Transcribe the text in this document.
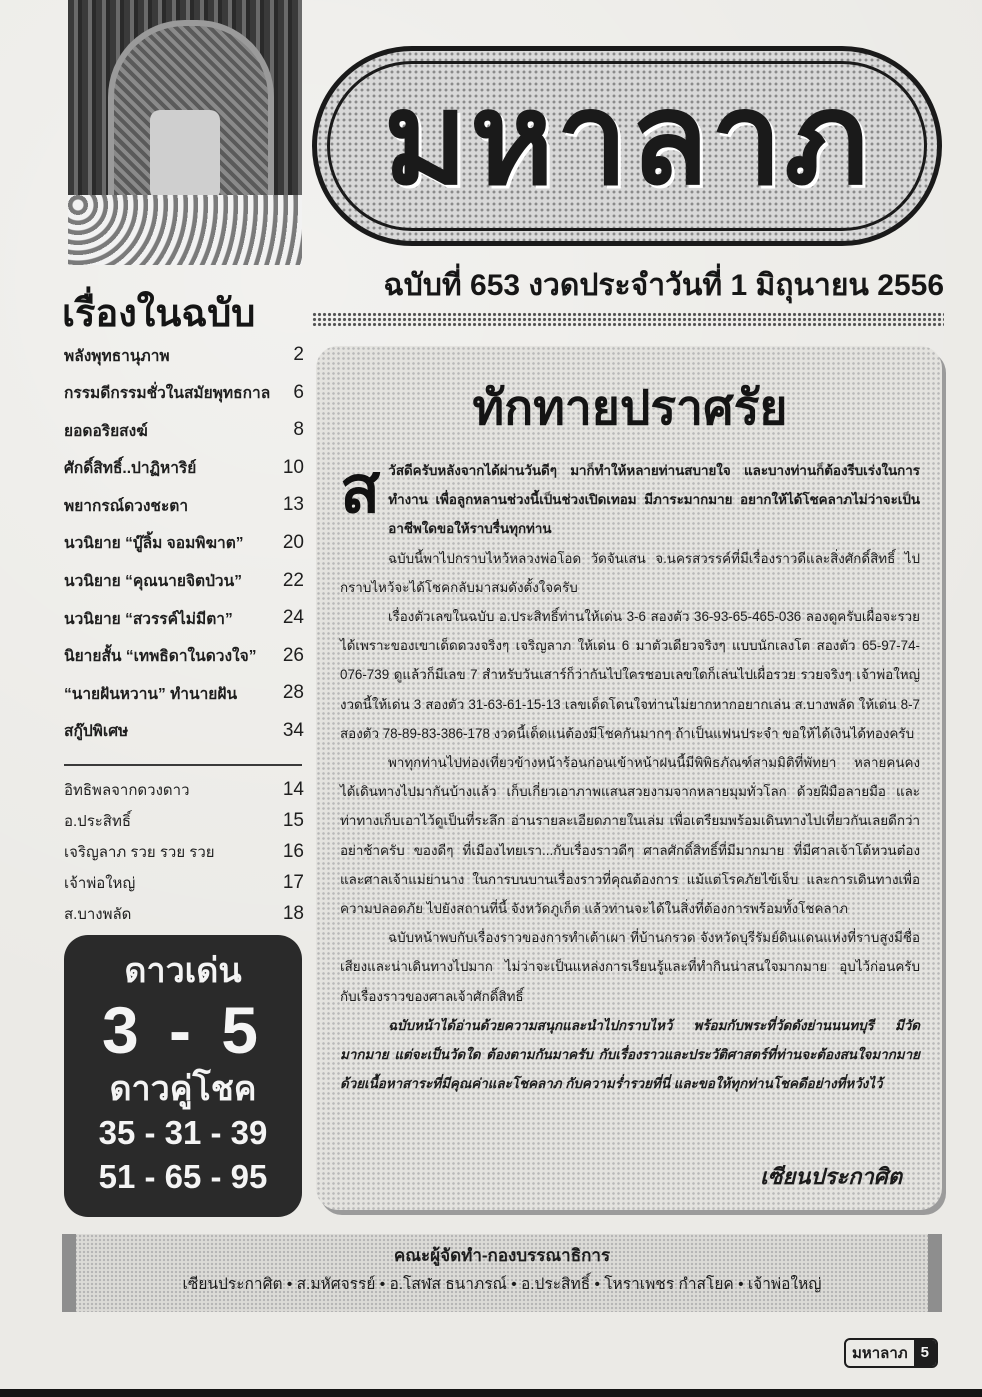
มหาลาภ
ฉบับที่ 653 งวดประจำวันที่ 1 มิถุนายน 2556
เรื่องในฉบับ
พลังพุทธานุภาพ	2
กรรมดีกรรมชั่วในสมัยพุทธกาล 6
ยอดอริยสงฆ์	8
ศักดิ์สิทธิ์..ปาฏิหาริย์	10
พยากรณ์ดวงชะตา	13
นวนิยาย “บู๊ลิ้ม จอมพิฆาต” 20
นวนิยาย “คุณนายจิตป่วน” 22
นวนิยาย “สวรรค์ไม่มีตา”	24
นิยายสั้น “เทพธิดาในดวงใจ” 26
“นายฝันหวาน” ทำนายฝัน 28
สกู๊ปพิเศษ	34
อิทธิพลจากดวงดาว	14
อ.ประสิทธิ์	15
เจริญลาภ รวย รวย รวย	16
เจ้าพ่อใหญ่	17
ส.บางพลัด	18
ดาวเด่น
3 - 5
ดาวคู่โชค
35 - 31 - 39
51 - 65 - 95
ทักทายปราศรัย

สวัสดีครับหลังจากได้ผ่านวันดีๆ มาก็ทำให้หลายท่านสบายใจ และบางท่านก็ต้องรีบเร่งในการทำงาน เพื่อลูกหลานช่วงนี้เป็นช่วงเปิดเทอม มีภาระมากมาย อยากให้ได้โชคลาภไม่ว่าจะเป็นอาชีพใดขอให้ราบรื่นทุกท่าน

ฉบับนี้พาไปกราบไหว้หลวงพ่อโอด วัดจันเสน จ.นครสวรรค์ที่มีเรื่องราวดีและสิ่งศักดิ์สิทธิ์ ไปกราบไหว้จะได้โชคกลับมาสมดังตั้งใจครับ

เรื่องตัวเลขในฉบับ อ.ประสิทธิ์ท่านให้เด่น 3-6 สองตัว 36-93-65-465-036 ลองดูครับเผื่อจะรวยได้เพราะของเขาเด็ดดวงจริงๆ เจริญลาภ ให้เด่น 6 มาตัวเดียวจริงๆ แบบนักเลงโต สองตัว 65-97-74-076-739 ดูแล้วก็มีเลข 7 สำหรับวันเสาร์ก็ว่ากันไปใครชอบเลขใดก็เล่นไปเผื่อรวย รวยจริงๆ เจ้าพ่อใหญ่งวดนี้ให้เด่น 3 สองตัว 31-63-61-15-13 เลขเด็ดโดนใจท่านไม่ยากหากอยากเล่น ส.บางพลัด ให้เด่น 8-7 สองตัว 78-89-83-386-178 งวดนี้เด็ดแน่ต้องมีโชคกันมากๆ ถ้าเป็นแฟนประจำ ขอให้ได้เงินได้ทองครับ

พาทุกท่านไปท่องเที่ยวข้างหน้าร้อนก่อนเข้าหน้าฝนนี้มีพิพิธภัณฑ์สามมิติที่พัทยา หลายคนคงได้เดินทางไปมากันบ้างแล้ว เก็บเกี่ยวเอาภาพแสนสวยงามจากหลายมุมทั่วโลก ด้วยฝีมือลายมือ และท่าทางเก็บเอาไว้ดูเป็นที่ระลึก อ่านรายละเอียดภายในเล่ม เพื่อเตรียมพร้อมเดินทางไปเที่ยวกันเลยดีกว่าอย่าช้าครับ ของดีๆ ที่เมืองไทยเรา...กับเรื่องราวดีๆ ศาลศักดิ์สิทธิ์ที่มีมากมาย ที่มีศาลเจ้าโต้หวนต๋อง และศาลเจ้าแม่ย่านาง ในการบนบานเรื่องราวที่คุณต้องการ แม้แต่โรคภัยไข้เจ็บ และการเดินทางเพื่อความปลอดภัย ไปยังสถานที่นี้ จังหวัดภูเก็ต แล้วท่านจะได้ในสิ่งที่ต้องการพร้อมทั้งโชคลาภ

ฉบับหน้าพบกับเรื่องราวของการทำเต้าเผา ที่บ้านกรวด จังหวัดบุรีรัมย์ดินแดนแห่งที่ราบสูงมีชื่อเสียงและน่าเดินทางไปมาก ไม่ว่าจะเป็นแหล่งการเรียนรู้และที่ทำกินน่าสนใจมากมาย อุบไว้ก่อนครับ กับเรื่องราวของศาลเจ้าศักดิ์สิทธิ์

ฉบับหน้าได้อ่านด้วยความสนุกและนำไปกราบไหว้ พร้อมกับพระที่วัดดังย่านนนทบุรี มีวัดมากมาย แต่จะเป็นวัดใด ต้องตามกันมาครับ กับเรื่องราวและประวัติศาสตร์ที่ท่านจะต้องสนใจมากมาย ด้วยเนื้อหาสาระที่มีคุณค่าและโชคลาภ กับความร่ำรวยที่นี่ และขอให้ทุกท่านโชคดีอย่างที่หวังไว้

เซียนประกาศิต
คณะผู้จัดทำ-กองบรรณาธิการ
เซียนประกาศิต • ส.มหัศจรรย์ • อ.โสฬส ธนาภรณ์ • อ.ประสิทธิ์ • โหราเพชร กำสโยค • เจ้าพ่อใหญ่
มหาลาภ 5
